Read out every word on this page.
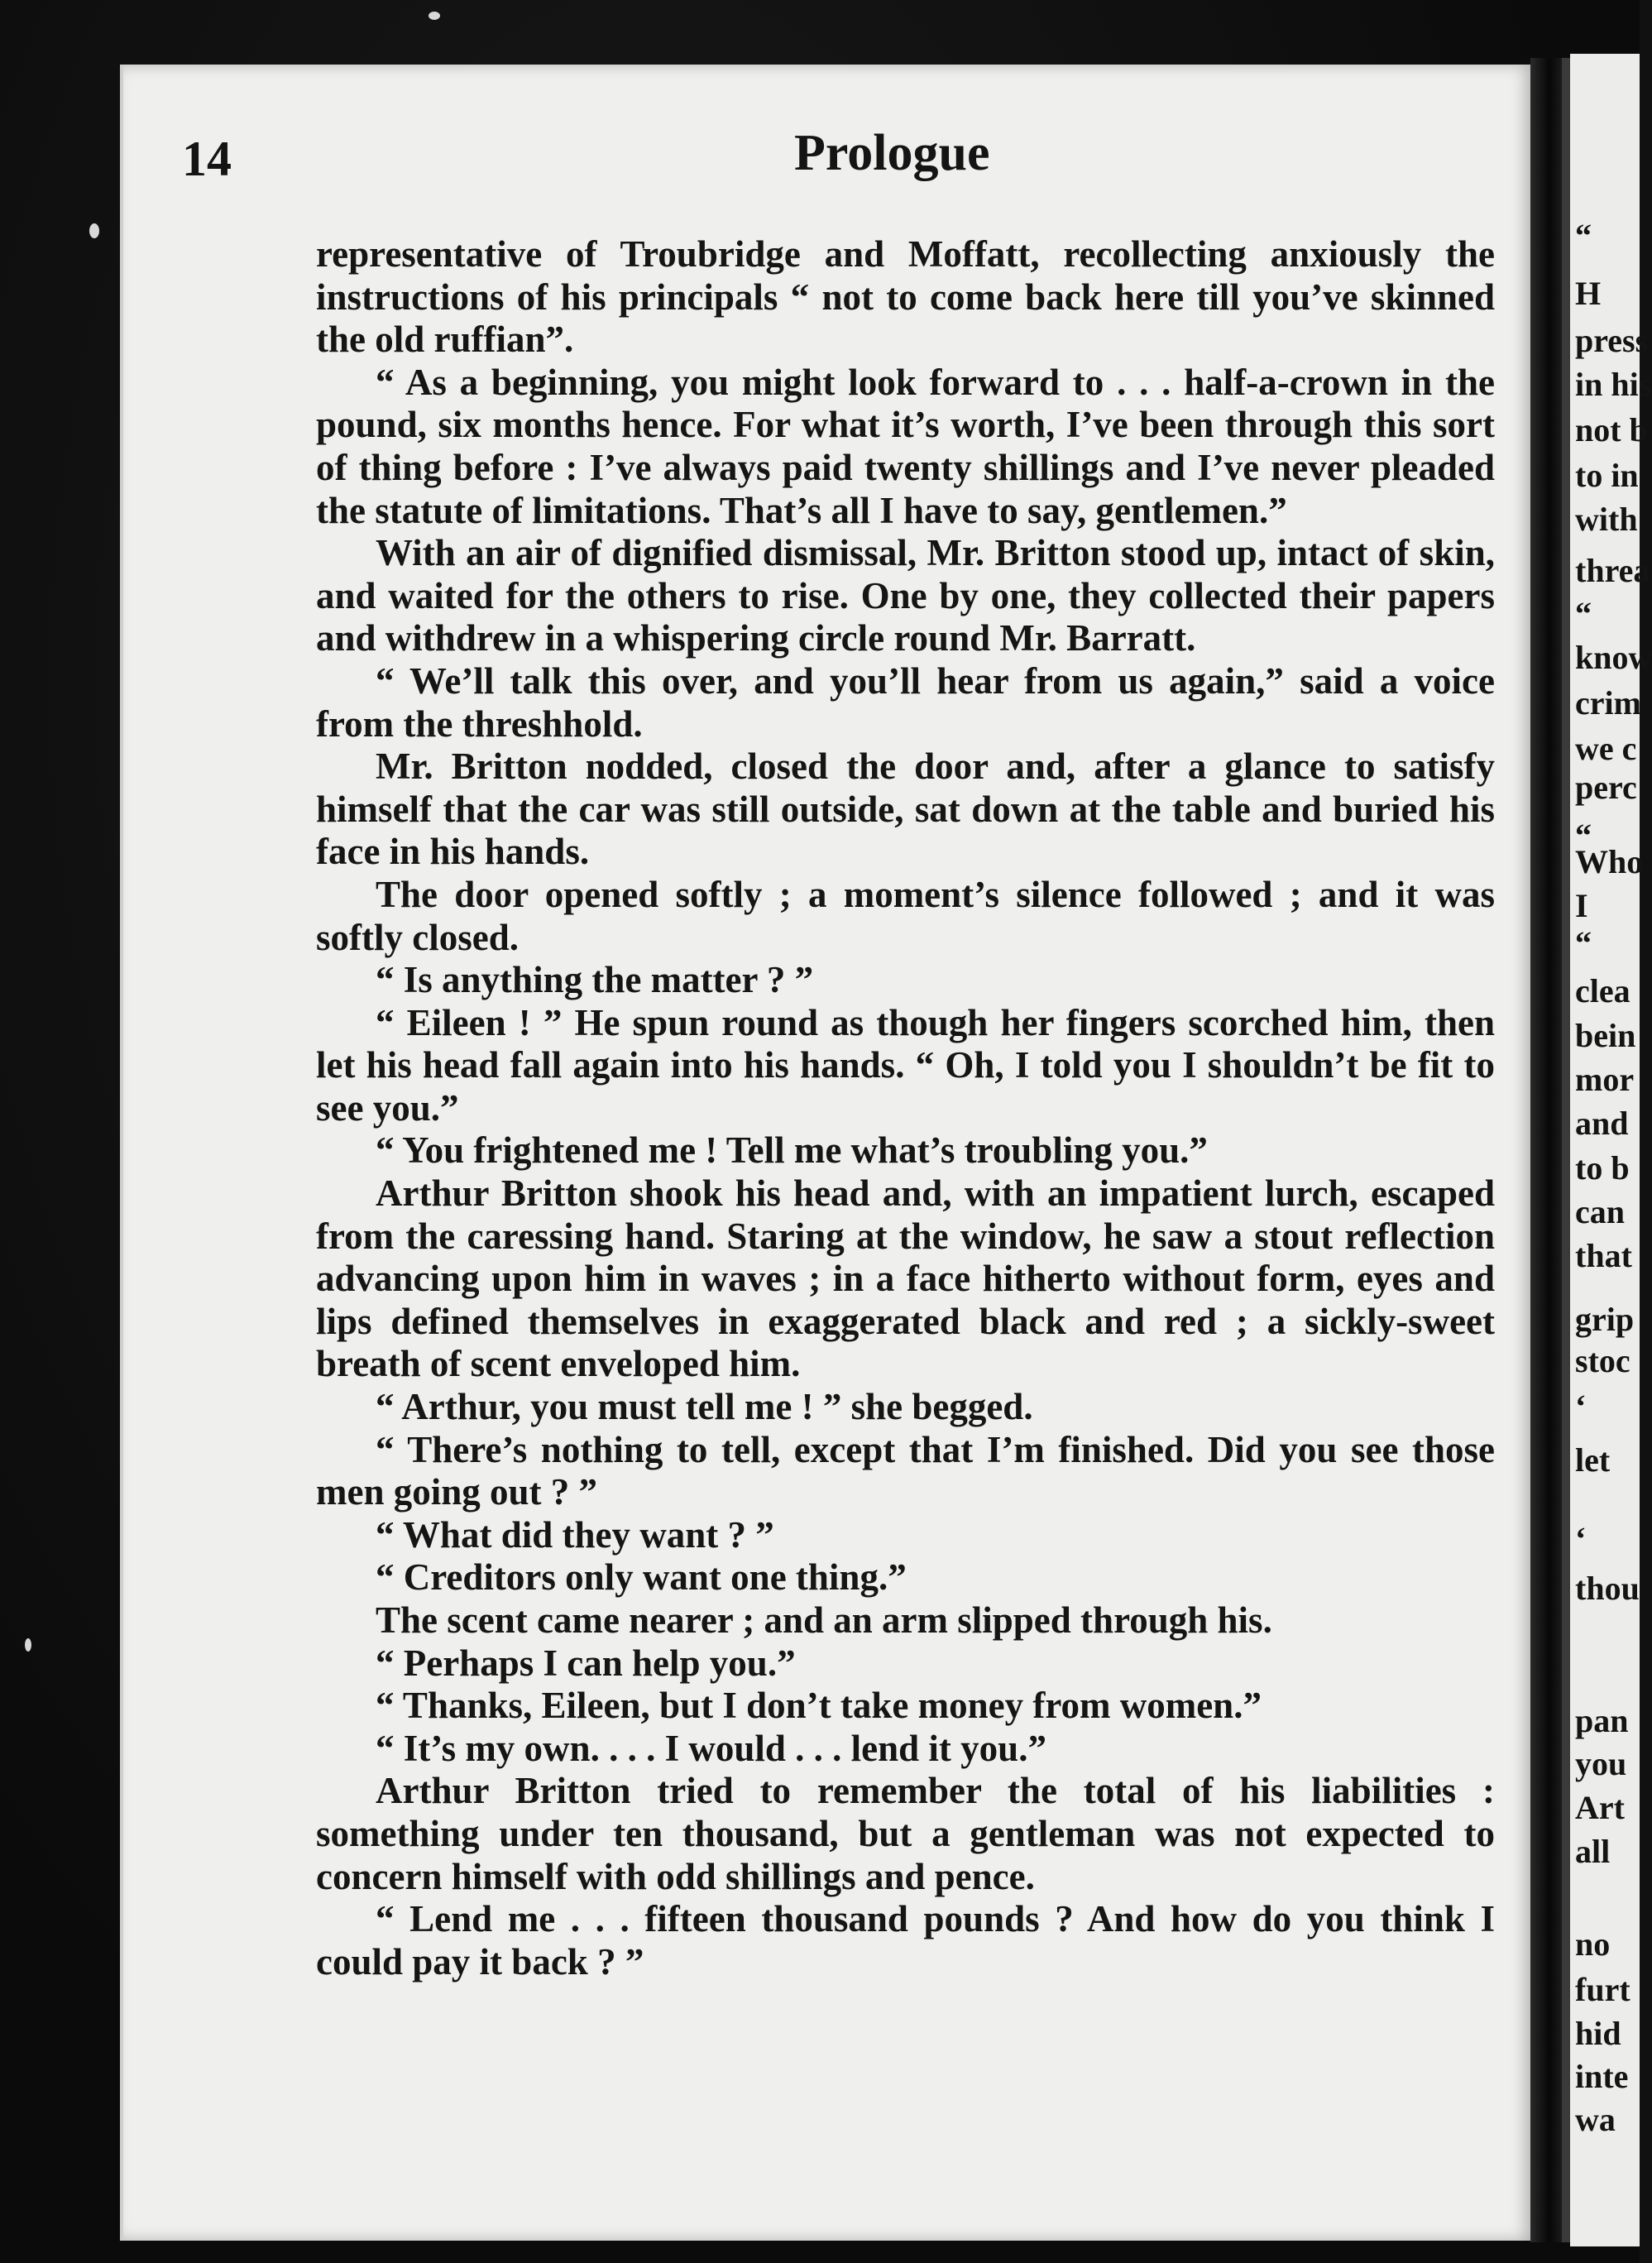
“
H
press
in his
not b
to in
with
threa
“
know
crim
we c
perc
“
Who
I
“
clea
bein
mor
and
to b
can
that
grip
stoc
‘
let
‘
thou
pan
you
Art
all
no
furt
hid
inte
wa
14	Prologue

representative of Troubridge and Moffatt, recollecting anxiously the instructions of his principals “ not to come back here till you’ve skinned the old ruffian”.

“ As a beginning, you might look forward to . . . half-a-crown in the pound, six months hence. For what it’s worth, I’ve been through this sort of thing before : I’ve always paid twenty shillings and I’ve never pleaded the statute of limitations. That’s all I have to say, gentlemen.”

With an air of dignified dismissal, Mr. Britton stood up, intact of skin, and waited for the others to rise. One by one, they collected their papers and withdrew in a whispering circle round Mr. Barratt.

“ We’ll talk this over, and you’ll hear from us again,” said a voice from the threshhold.

Mr. Britton nodded, closed the door and, after a glance to satisfy himself that the car was still outside, sat down at the table and buried his face in his hands.

The door opened softly ; a moment’s silence followed ; and it was softly closed.

“ Is anything the matter ? ”

“ Eileen ! ” He spun round as though her fingers scorched him, then let his head fall again into his hands. “ Oh, I told you I shouldn’t be fit to see you.”

“ You frightened me ! Tell me what’s troubling you.”

Arthur Britton shook his head and, with an impatient lurch, escaped from the caressing hand. Staring at the window, he saw a stout reflection advancing upon him in waves ; in a face hitherto without form, eyes and lips defined themselves in exaggerated black and red ; a sickly-sweet breath of scent enveloped him.

“ Arthur, you must tell me ! ” she begged.

“ There’s nothing to tell, except that I’m finished. Did you see those men going out ? ”

“ What did they want ? ”

“ Creditors only want one thing.”

The scent came nearer ; and an arm slipped through his.

“ Perhaps I can help you.”

“ Thanks, Eileen, but I don’t take money from women.”

“ It’s my own. . . . I would . . . lend it you.”

Arthur Britton tried to remember the total of his liabilities : something under ten thousand, but a gentleman was not expected to concern himself with odd shillings and pence.

“ Lend me . . . fifteen thousand pounds ? And how do you think I could pay it back ? ”
